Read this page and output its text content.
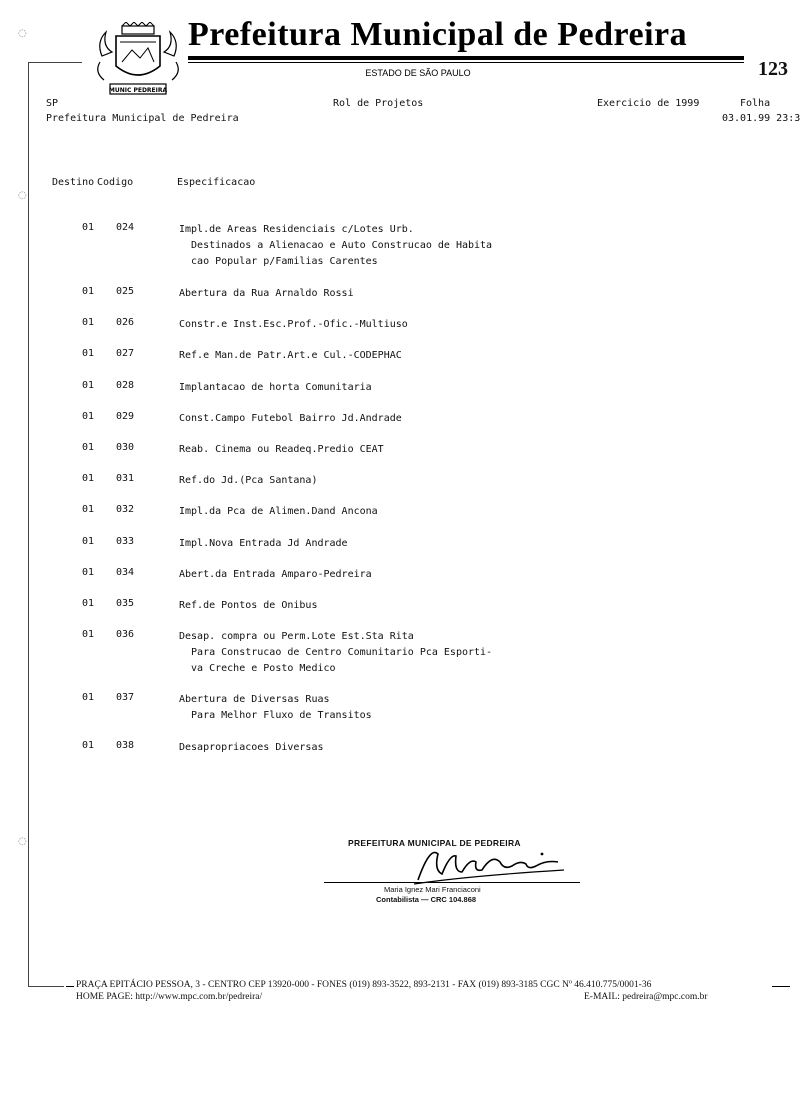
MUNIC PEDREIRA
Prefeitura Municipal de Pedreira
ESTADO DE SÃO PAULO	123
◌
◌
◌
SP
Prefeitura Municipal de Pedreira
Rol de Projetos	Exercicio de 1999	Folha
03.01.99 23:3
Destino Codigo	Especificacao
01 024	Impl.de Areas Residenciais c/Lotes Urb.
Destinados a Alienacao e Auto Construcao de Habita
cao Popular p/Familias Carentes
01 025	Abertura da Rua Arnaldo Rossi
01 026	Constr.e Inst.Esc.Prof.-Ofic.-Multiuso
01 027	Ref.e Man.de Patr.Art.e Cul.-CODEPHAC
01 028	Implantacao de horta Comunitaria
01 029	Const.Campo Futebol Bairro Jd.Andrade
01 030	Reab. Cinema ou Readeq.Predio CEAT
01 031	Ref.do Jd.(Pca Santana)
01 032	Impl.da Pca de Alimen.Dand Ancona
01 033	Impl.Nova Entrada Jd Andrade
01 034	Abert.da Entrada Amparo-Pedreira
01 035	Ref.de Pontos de Onibus
01 036	Desap. compra ou Perm.Lote Est.Sta Rita
Para Construcao de Centro Comunitario Pca Esporti-
va Creche e Posto Medico
01 037	Abertura de Diversas Ruas
Para Melhor Fluxo de Transitos
01 038	Desapropriacoes Diversas
PREFEITURA MUNICIPAL DE PEDREIRA
Maria Ignez Mari Franciaconi
Contabilista — CRC 104.868
PRAÇA EPITÁCIO PESSOA, 3 - CENTRO CEP 13920-000 - FONES (019) 893-3522, 893-2131 - FAX (019) 893-3185 CGC Nº 46.410.775/0001-36
HOME PAGE: http://www.mpc.com.br/pedreira/	E-MAIL: pedreira@mpc.com.br
